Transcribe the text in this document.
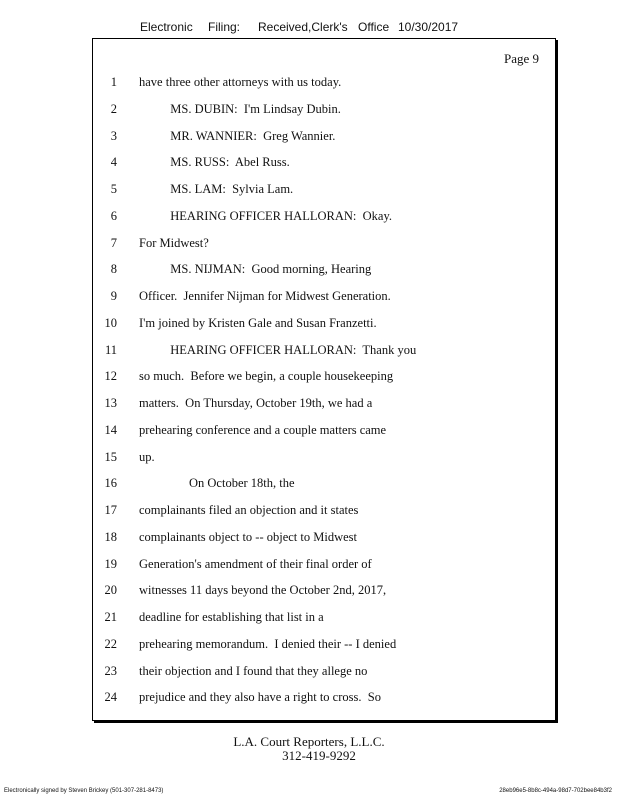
Electronic Filing: Received,Clerk's Office 10/30/2017
Page 9
1 have three other attorneys with us today.
2 MS. DUBIN:  I'm Lindsay Dubin.
3 MR. WANNIER:  Greg Wannier.
4 MS. RUSS:  Abel Russ.
5 MS. LAM:  Sylvia Lam.
6 HEARING OFFICER HALLORAN:  Okay.
7 For Midwest?
8 MS. NIJMAN:  Good morning, Hearing
9 Officer.  Jennifer Nijman for Midwest Generation.
10 I'm joined by Kristen Gale and Susan Franzetti.
11 HEARING OFFICER HALLORAN:  Thank you
12 so much.  Before we begin, a couple housekeeping
13 matters.  On Thursday, October 19th, we had a
14 prehearing conference and a couple matters came
15 up.
16 On October 18th, the
17 complainants filed an objection and it states
18 complainants object to -- object to Midwest
19 Generation's amendment of their final order of
20 witnesses 11 days beyond the October 2nd, 2017,
21 deadline for establishing that list in a
22 prehearing memorandum.  I denied their -- I denied
23 their objection and I found that they allege no
24 prejudice and they also have a right to cross.  So
L.A. Court Reporters, L.L.C.
312-419-9292
Electronically signed by Steven Brickey (501-307-281-8473)	28eb96e5-8b8c-494a-98d7-702bee84b3f2
